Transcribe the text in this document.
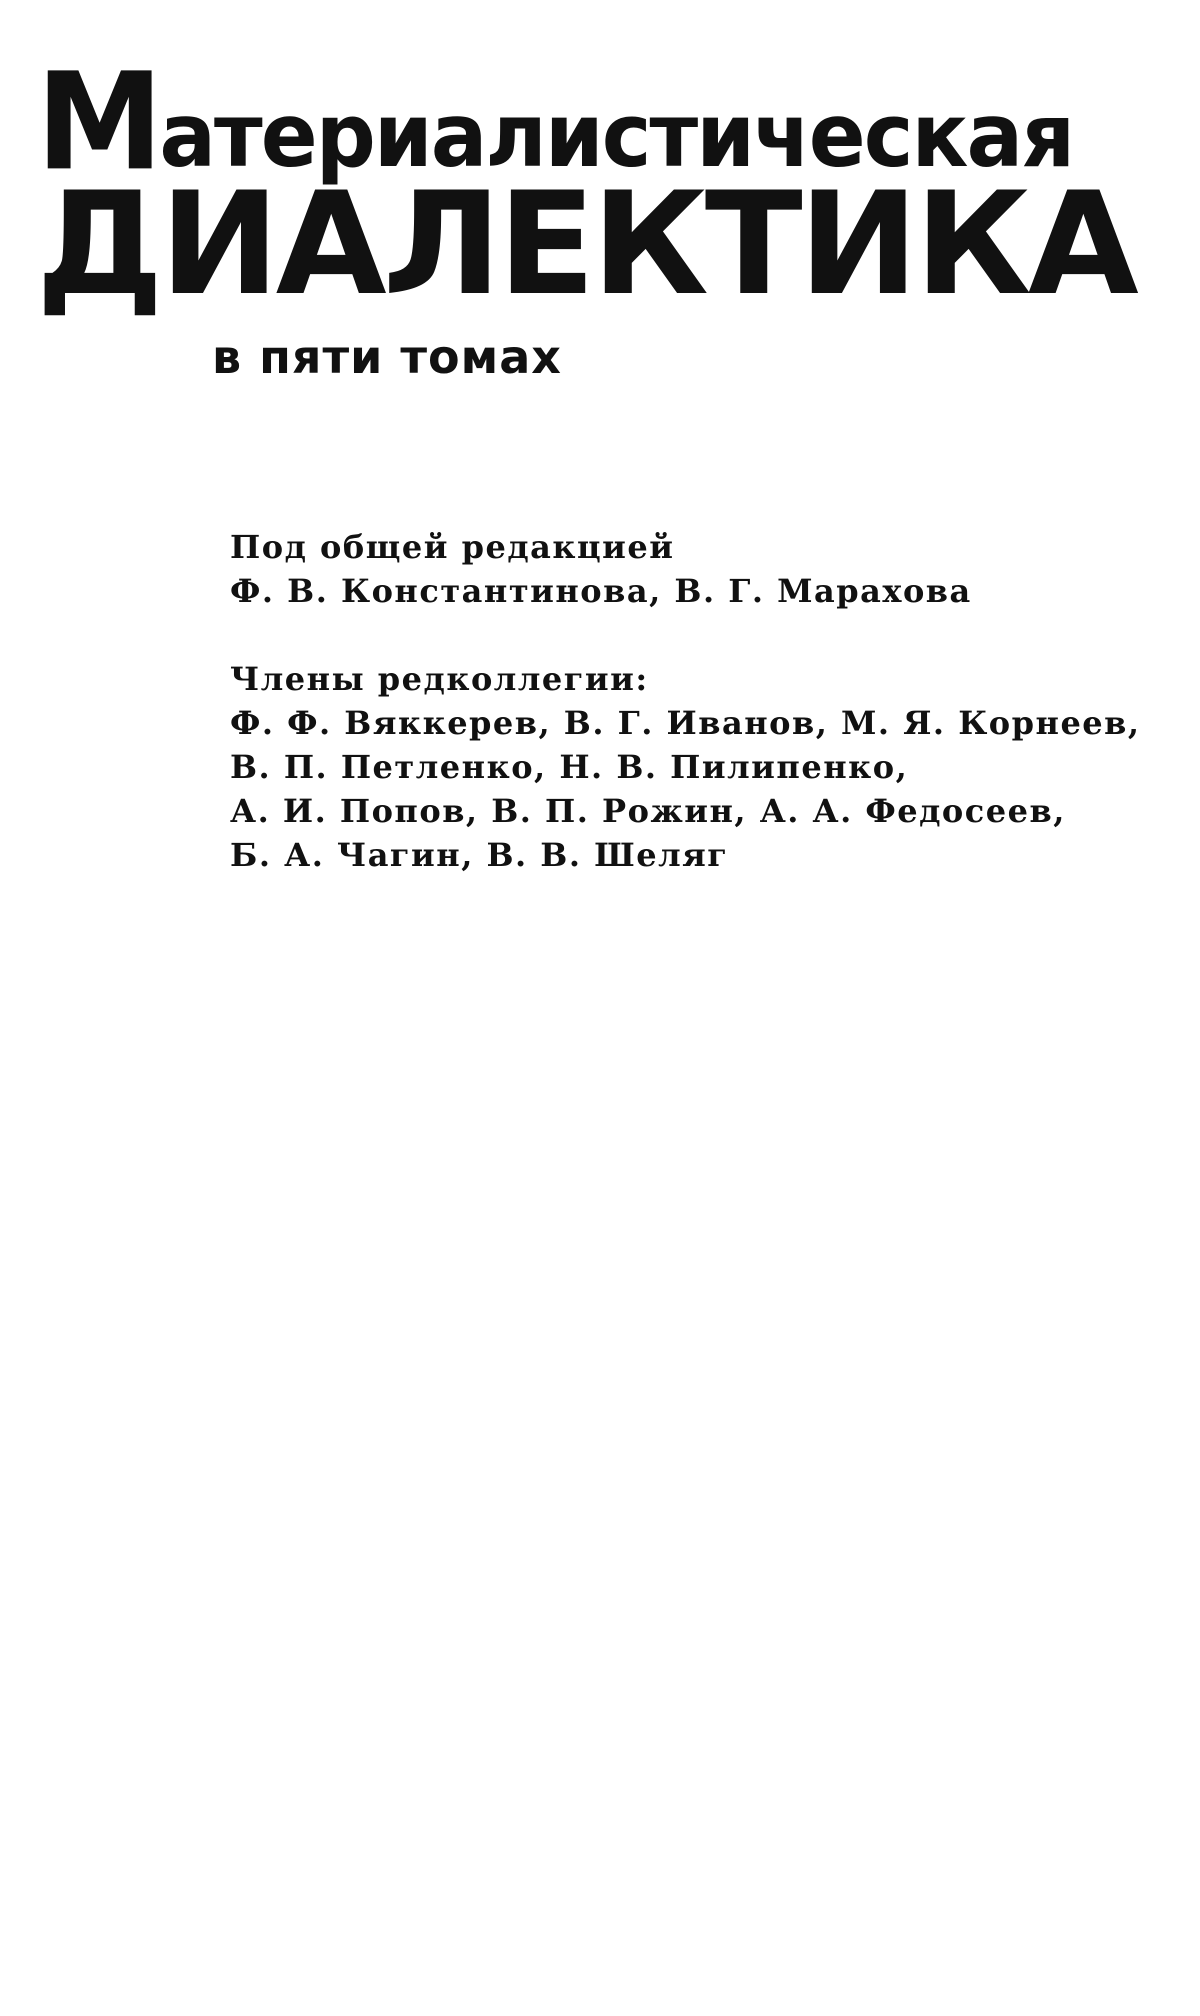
Материалистическая
ДИАЛЕКТИКА
в пяти томах
Под общей редакцией
Ф. В. Константинова, В. Г. Марахова
Члены редколлегии:
Ф. Ф. Вяккерев, В. Г. Иванов, М. Я. Корнеев,
В. П. Петленко, Н. В. Пилипенко,
А. И. Попов, В. П. Рожин, А. А. Федосеев,
Б. А. Чагин, В. В. Шеляг
